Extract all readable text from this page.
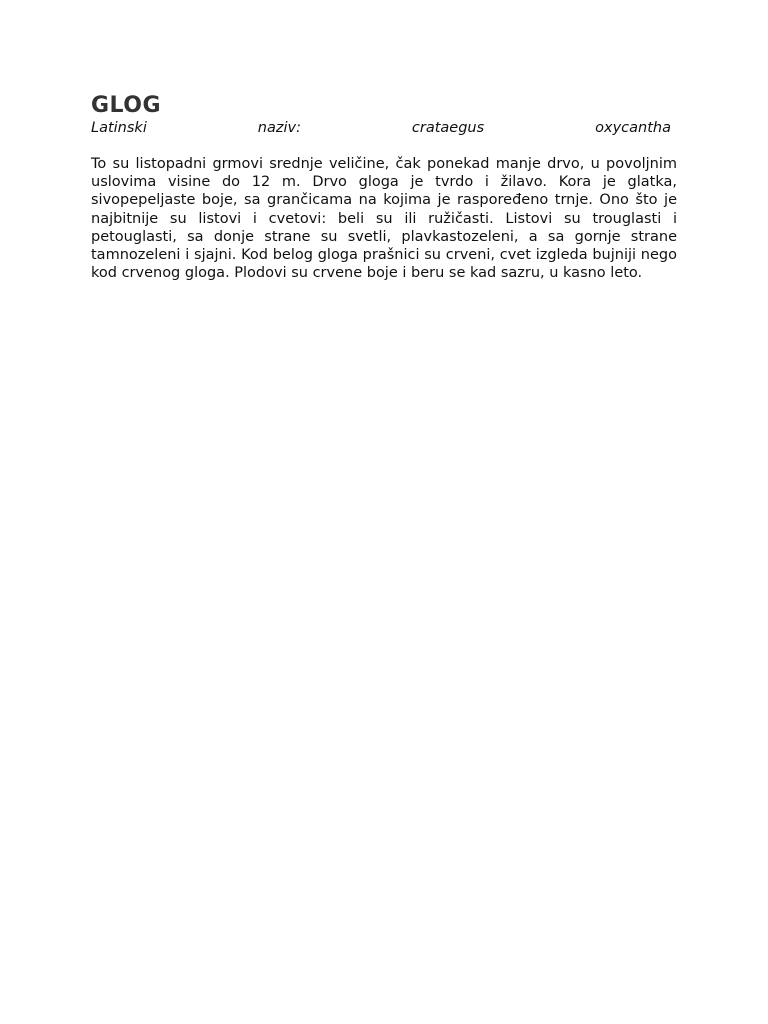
GLOG
Latinski	naziv:	crataegus	oxycantha

To su listopadni grmovi srednje veličine, čak ponekad manje drvo, u povoljnim uslovima visine do 12 m. Drvo gloga je tvrdo i žilavo. Kora je glatka, sivopepeljaste boje, sa grančicama na kojima je raspoređeno trnje. Ono što je najbitnije su listovi i cvetovi: beli su ili ružičasti. Listovi su trouglasti i petouglasti, sa donje strane su svetli, plavkastozeleni, a sa gornje strane tamnozeleni i sjajni. Kod belog gloga prašnici su crveni, cvet izgleda bujniji nego kod crvenog gloga. Plodovi su crvene boje i beru se kad sazru, u kasno leto.
